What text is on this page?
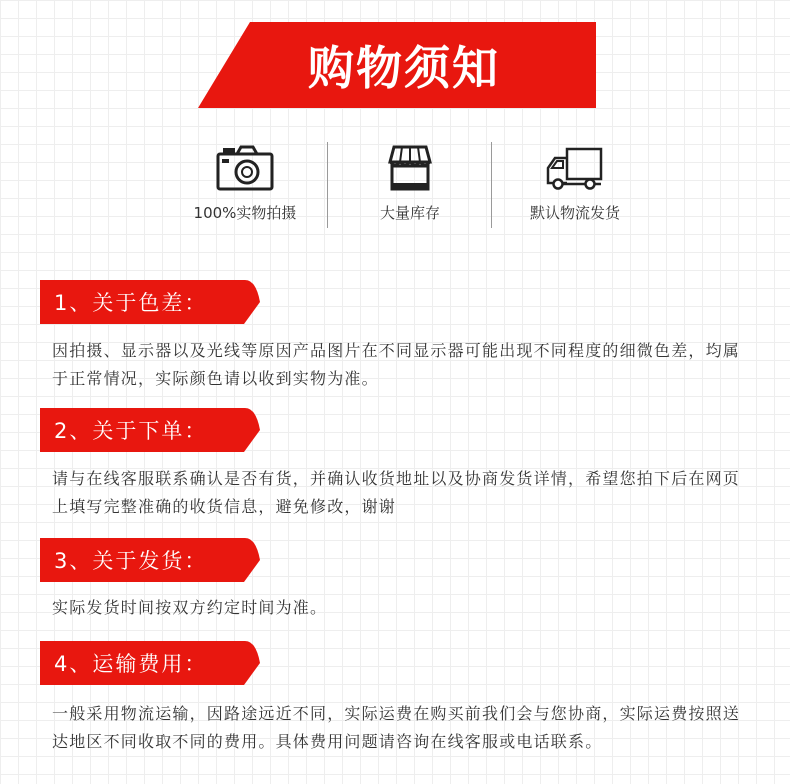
购物须知
100%实物拍摄	大量库存	默认物流发货
1、关于色差：
因拍摄、显示器以及光线等原因产品图片在不同显示器可能出现不同程度的细微色差，均属于正常情况，实际颜色请以收到实物为准。
2、关于下单：
请与在线客服联系确认是否有货，并确认收货地址以及协商发货详情，希望您拍下后在网页上填写完整准确的收货信息，避免修改，谢谢
3、关于发货：
实际发货时间按双方约定时间为准。
4、运输费用：
一般采用物流运输，因路途远近不同，实际运费在购买前我们会与您协商，实际运费按照送达地区不同收取不同的费用。具体费用问题请咨询在线客服或电话联系。
